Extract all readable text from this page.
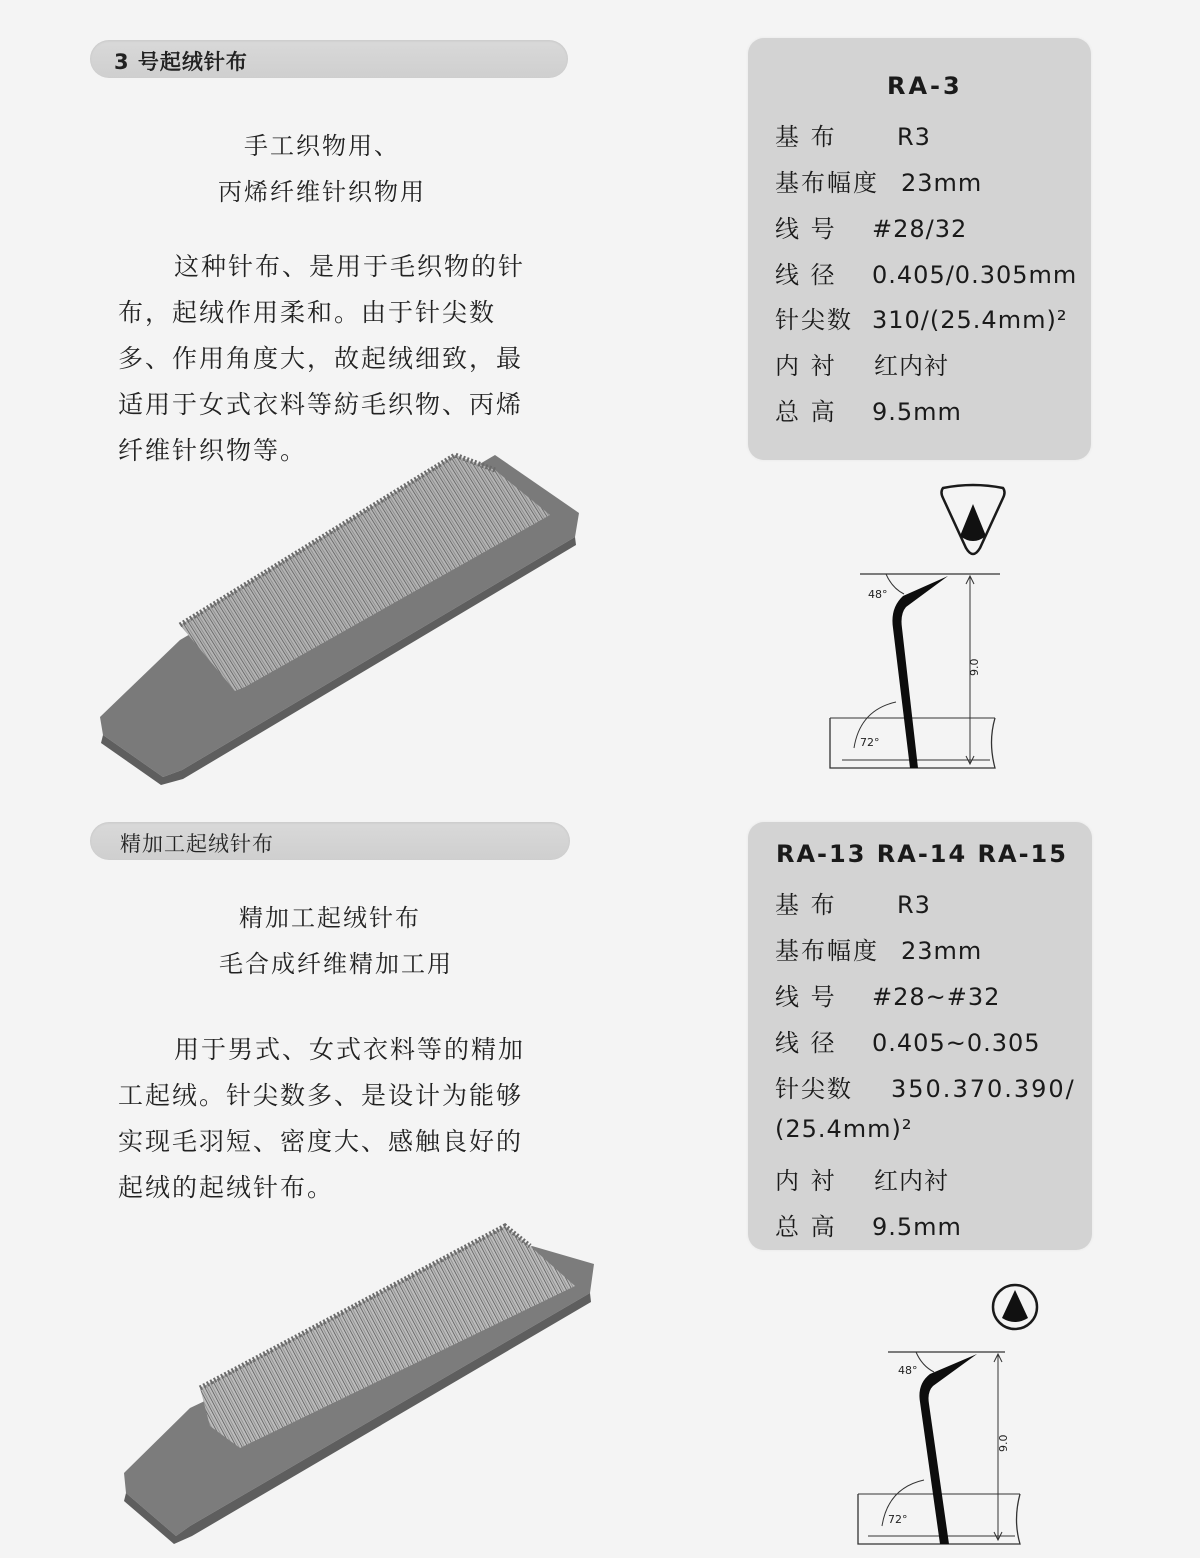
3 号起绒针布
手工织物用、
丙烯纤维针织物用
这种针布、是用于毛织物的针布，起绒作用柔和。由于针尖数多、作用角度大，故起绒细致，最适用于女式衣料等紡毛织物、丙烯纤维针织物等。
RA-3
基 布	R3
基布幅度 23mm
线 号 #28/32
线 径 0.405/0.305mm
针尖数 310/(25.4mm)²
内 衬 红内衬
总 高 9.5mm
48°
72°
9.0
精加工起绒针布
精加工起绒针布
毛合成纤维精加工用
用于男式、女式衣料等的精加工起绒。针尖数多、是设计为能够实现毛羽短、密度大、感触良好的起绒的起绒针布。
RA-13 RA-14 RA-15
基 布	R3
基布幅度 23mm
线 号 #28~#32
线 径 0.405~0.305
针尖数 350.370.390/
(25.4mm)²
内 衬 红内衬
总 高 9.5mm
48°
72°
9.0
